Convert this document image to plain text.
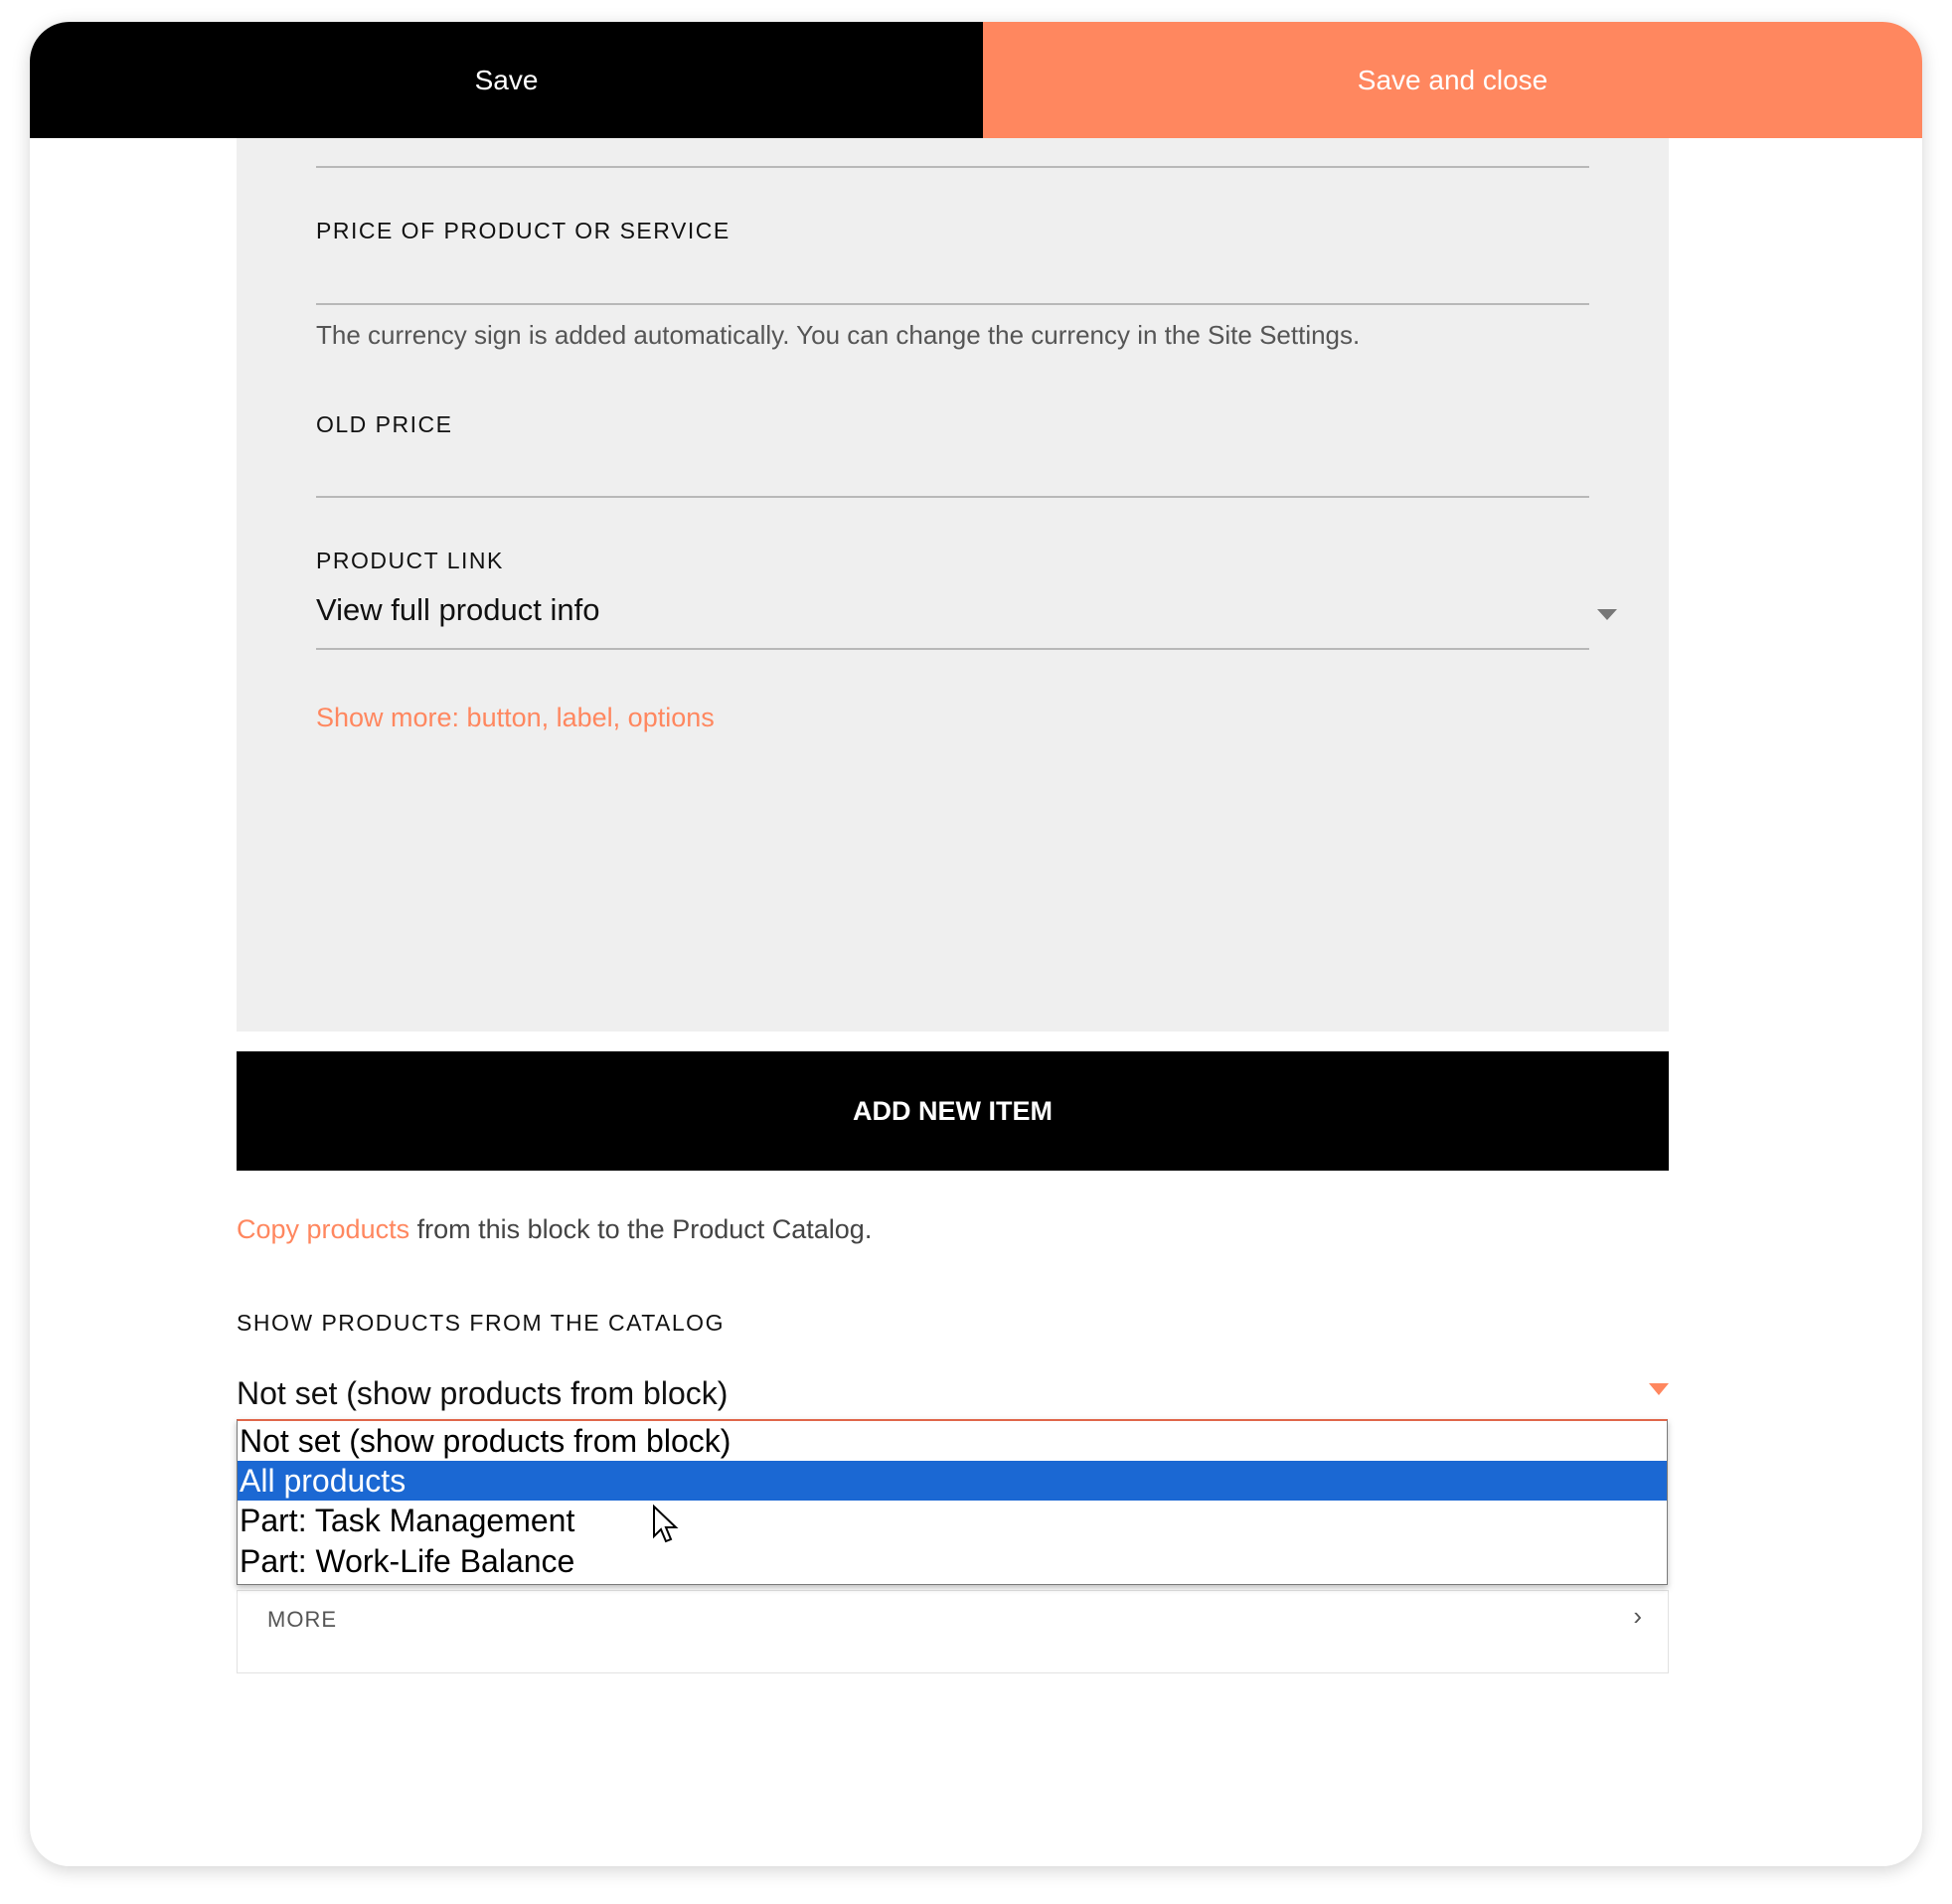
Save	Save and close
PRICE OF PRODUCT OR SERVICE
The currency sign is added automatically. You can change the currency in the Site Settings.
OLD PRICE
PRODUCT LINK
View full product info
Show more: button, label, options
ADD NEW ITEM
Copy products from this block to the Product Catalog.
SHOW PRODUCTS FROM THE CATALOG
Not set (show products from block)
MORE	›
Not set (show products from block)
All products
Part: Task Management
Part: Work-Life Balance
